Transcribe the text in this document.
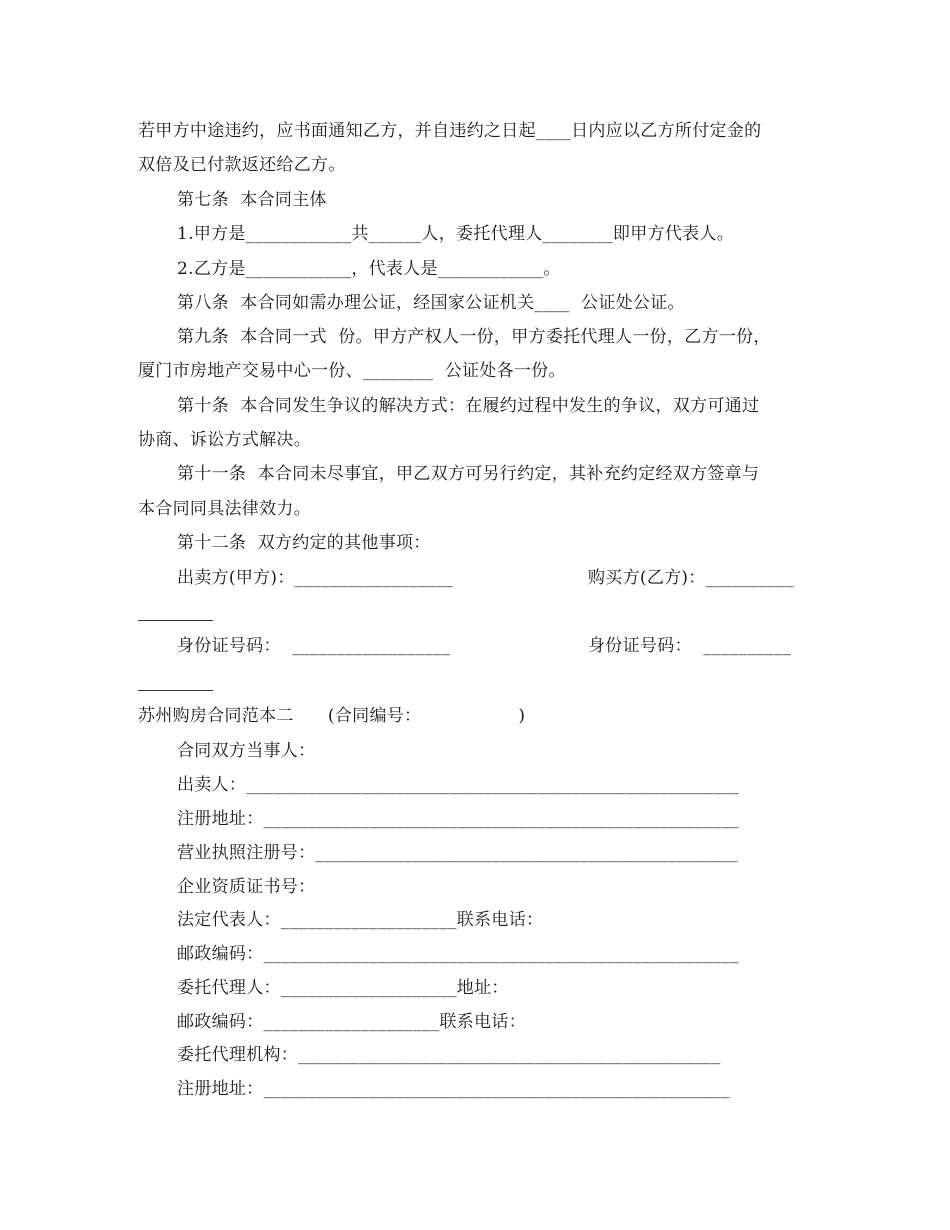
若甲方中途违约，应书面通知乙方，并自违约之日起____日内应以乙方所付定金的
双倍及已付款返还给乙方。
第七条  本合同主体
1.甲方是____________共______人，委托代理人________即甲方代表人。
2.乙方是____________，代表人是____________。
第八条  本合同如需办理公证，经国家公证机关____  公证处公证。
第九条  本合同一式  份。甲方产权人一份，甲方委托代理人一份，乙方一份，
厦门市房地产交易中心一份、________  公证处各一份。
第十条  本合同发生争议的解决方式：在履约过程中发生的争议，双方可通过
协商、诉讼方式解决。
第十一条  本合同未尽事宜，甲乙双方可另行约定，其补充约定经双方签章与
本合同同具法律效力。
第十二条  双方约定的其他事项：
出卖方(甲方)：__________________	购买方(乙方)：__________
身份证号码：  __________________	身份证号码：  __________
苏州购房合同范本二      (合同编号：                 )
合同双方当事人：
出卖人：________________________________________________________
注册地址：______________________________________________________
营业执照注册号：________________________________________________
企业资质证书号：
法定代表人：____________________联系电话：
邮政编码：______________________________________________________
委托代理人：____________________地址：
邮政编码：____________________联系电话：
委托代理机构：________________________________________________
注册地址：_____________________________________________________
